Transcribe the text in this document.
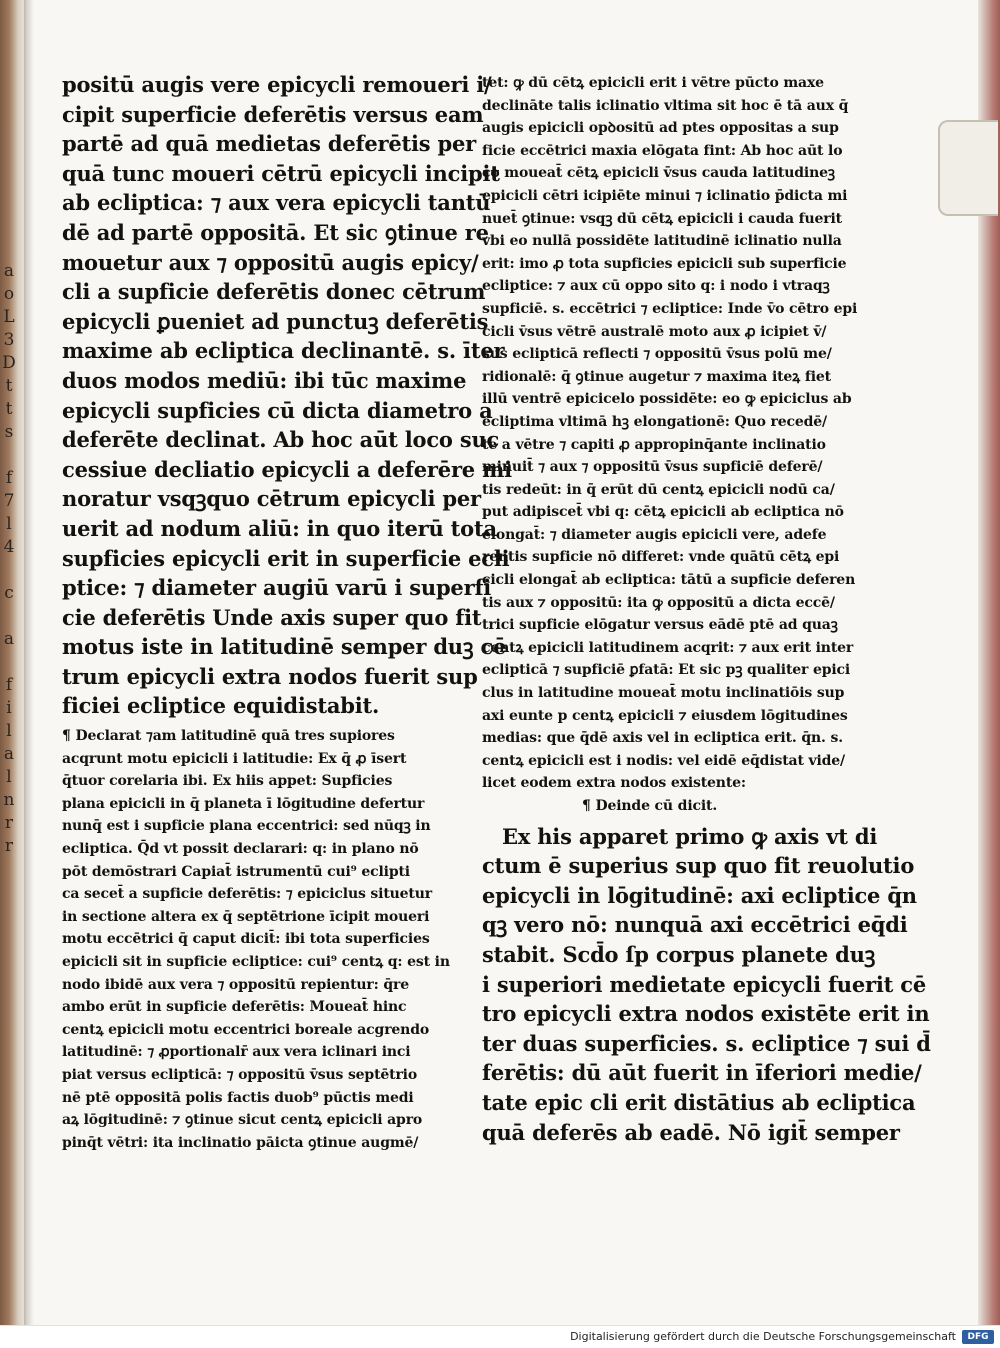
a
o
L
3
D
t
t
s

f
7
l
4

c

a

f
i
l
a
l
n
r
r
positū augis vere epicycli remoueri i/
cipit superficie deferētis versus eam
partē ad quā medietas deferētis per
quā tunc moueri cētrū epicycli incipit
ab ecliptica: ⁊ aux vera epicycli tantū
dē ad partē oppositā. Et sic ꝯtinue re
mouetur aux ⁊ oppositū augis epicy/
cli a supficie deferētis donec cētrum
epicycli ꝑueniet ad punctuꝫ deferētis
maxime ab ecliptica declinantē. s. īter
duos modos mediū: ibi tūc maxime
epicycli supficies cū dicta diametro a
deferēte declinat. Ab hoc aūt loco suc
cessiue decliatio epicycli a deferēre mi
noratur vsqꝫquo cētrum epicycli per
uerit ad nodum aliū: in quo iterū tota
supficies epicycli erit in superficie ecli
ptice: ⁊ diameter augiū varū i superfi
cie deferētis Unde axis super quo fit
motus iste in latitudinē semper duꝫ cē
trum epicycli extra nodos fuerit sup
ficiei ecliptice equidistabit.
¶ Declarat ⁊am latitudinē quā tres supiores
acqrunt motu epicicli i latitudie: Ex q̄ ꝓ īsert
q̄tuor corelaria ibi. Ex hiis appet: Supficies
plana epicicli in q̄ planeta ī lōgitudine defertur
nunq̄ est i supficie plana eccentrici: sed nūqꝫ in
ecliptica. Q̄d vt possit declarari: q: in plano nō
pōt demōstrari Capiat̄ istrumentū cui⁹ eclipti
ca secet̄ a supficie deferētis: ⁊ epiciclus situetur
in sectione altera ex q̄ septētrione īcipit moueri
motu eccētrici q̄ caput dicit̄: ibi tota superficies
epicicli sit in supficie ecliptice: cui⁹ centꝝ q: est in
nodo ibidē aux vera ⁊ oppositū repientur: q̄re
ambo erūt in supficie deferētis: Moueat̄ hinc
centꝝ epicicli motu eccentrici boreale acgrendo
latitudinē: ⁊ ꝓportionalr̄ aux vera iclinari inci
piat versus eclipticā: ⁊ oppositū v̄sus septētrio
nē ptē oppositā polis factis duob⁹ pūctis medi
aꝝ lōgitudinē: ⁊ ꝯtinue sicut centꝝ epicicli apro
pinq̄t vētri: ita inclinatio pāicta ꝯtinue augmē/
tet: ꝙ dū cētꝝ epicicli erit i vētre pūcto maxe
declināte talis iclinatio vltima sit hoc ē tā aux q̄
augis epicicli opꝺositū ad ptes oppositas a sup
ficie eccētrici maxia elōgata fint: Ab hoc aūt lo
co moueat̄ cētꝝ epicicli v̄sus cauda latitudineꝫ
epicicli cētri icipiēte minui ⁊ iclinatio p̄dicta mi
nuet̄ ꝯtinue: vsqꝫ dū cētꝝ epicicli i cauda fuerit
vbi eo nullā possidēte latitudinē iclinatio nulla
erit: imo ꝓ tota supficies epicicli sub superficie
ecliptice: ⁊ aux cū oppo sito q: i nodo i vtraqꝫ
supficiē. s. eccētrici ⁊ ecliptice: Inde v̄o cētro epi
cicli v̄sus vētrē australē moto aux ꝓ icipiet v̄/
sus eclipticā reflecti ⁊ oppositū v̄sus polū me/
ridionalē: q̄ ꝯtinue augetur ⁊ maxima iteꝝ fiet
illū ventrē epicicelo possidēte: eo ꝙ epiciclus ab
ecliptima vltimā hꝫ elongationē: Quo recedē/
te a vētre ⁊ capiti ꝓ appropinq̄ante inclinatio
minuit̄ ⁊ aux ⁊ oppositū v̄sus supficiē deferē/
tis redeūt: in q̄ erūt dū centꝝ epicicli nodū ca/
put adipiscet̄ vbi q: cētꝝ epicicli ab ecliptica nō
elongat̄: ⁊ diameter augis epicicli vere, adefe
rentis supficie nō differet: vnde quātū cētꝝ epi
cicli elongat̄ ab ecliptica: tātū a supficie deferen
tis aux ⁊ oppositū: ita ꝙ oppositū a dicta eccē/
trici supficie elōgatur versus eādē ptē ad quaꝫ
centꝝ epicicli latitudinem acqrit: ⁊ aux erit inter
eclipticā ⁊ supficiē ꝑfatā: Et sic pꝫ qualiter epici
clus in latitudine moueat̄ motu inclinatiōis sup
axi eunte p centꝝ epicicli ⁊ eiusdem lōgitudines
medias: que q̄dē axis vel in ecliptica erit. q̄n. s.
centꝝ epicicli est i nodis: vel eidē eq̄distat vide/
licet eodem extra nodos existente:
¶ Deinde cū dicit.
Ex his apparet primo ꝙ axis vt di
ctum ē superius sup quo fit reuolutio
epicycli in lōgitudinē: axi ecliptice q̄n
qꝫ vero nō: nunquā axi eccētrici eq̄di
stabit. Scd̄o ſp corpus planete duꝫ
i superiori medietate epicycli fuerit cē
tro epicycli extra nodos existēte erit in
ter duas superficies. s. ecliptice ⁊ sui d̄
ferētis: dū aūt fuerit in īferiori medie/
tate epic cli erit distātius ab ecliptica
quā deferēs ab eadē. Nō igit̄ semper
Digitalisierung gefördert durch die Deutsche Forschungsgemeinschaft	DFG
